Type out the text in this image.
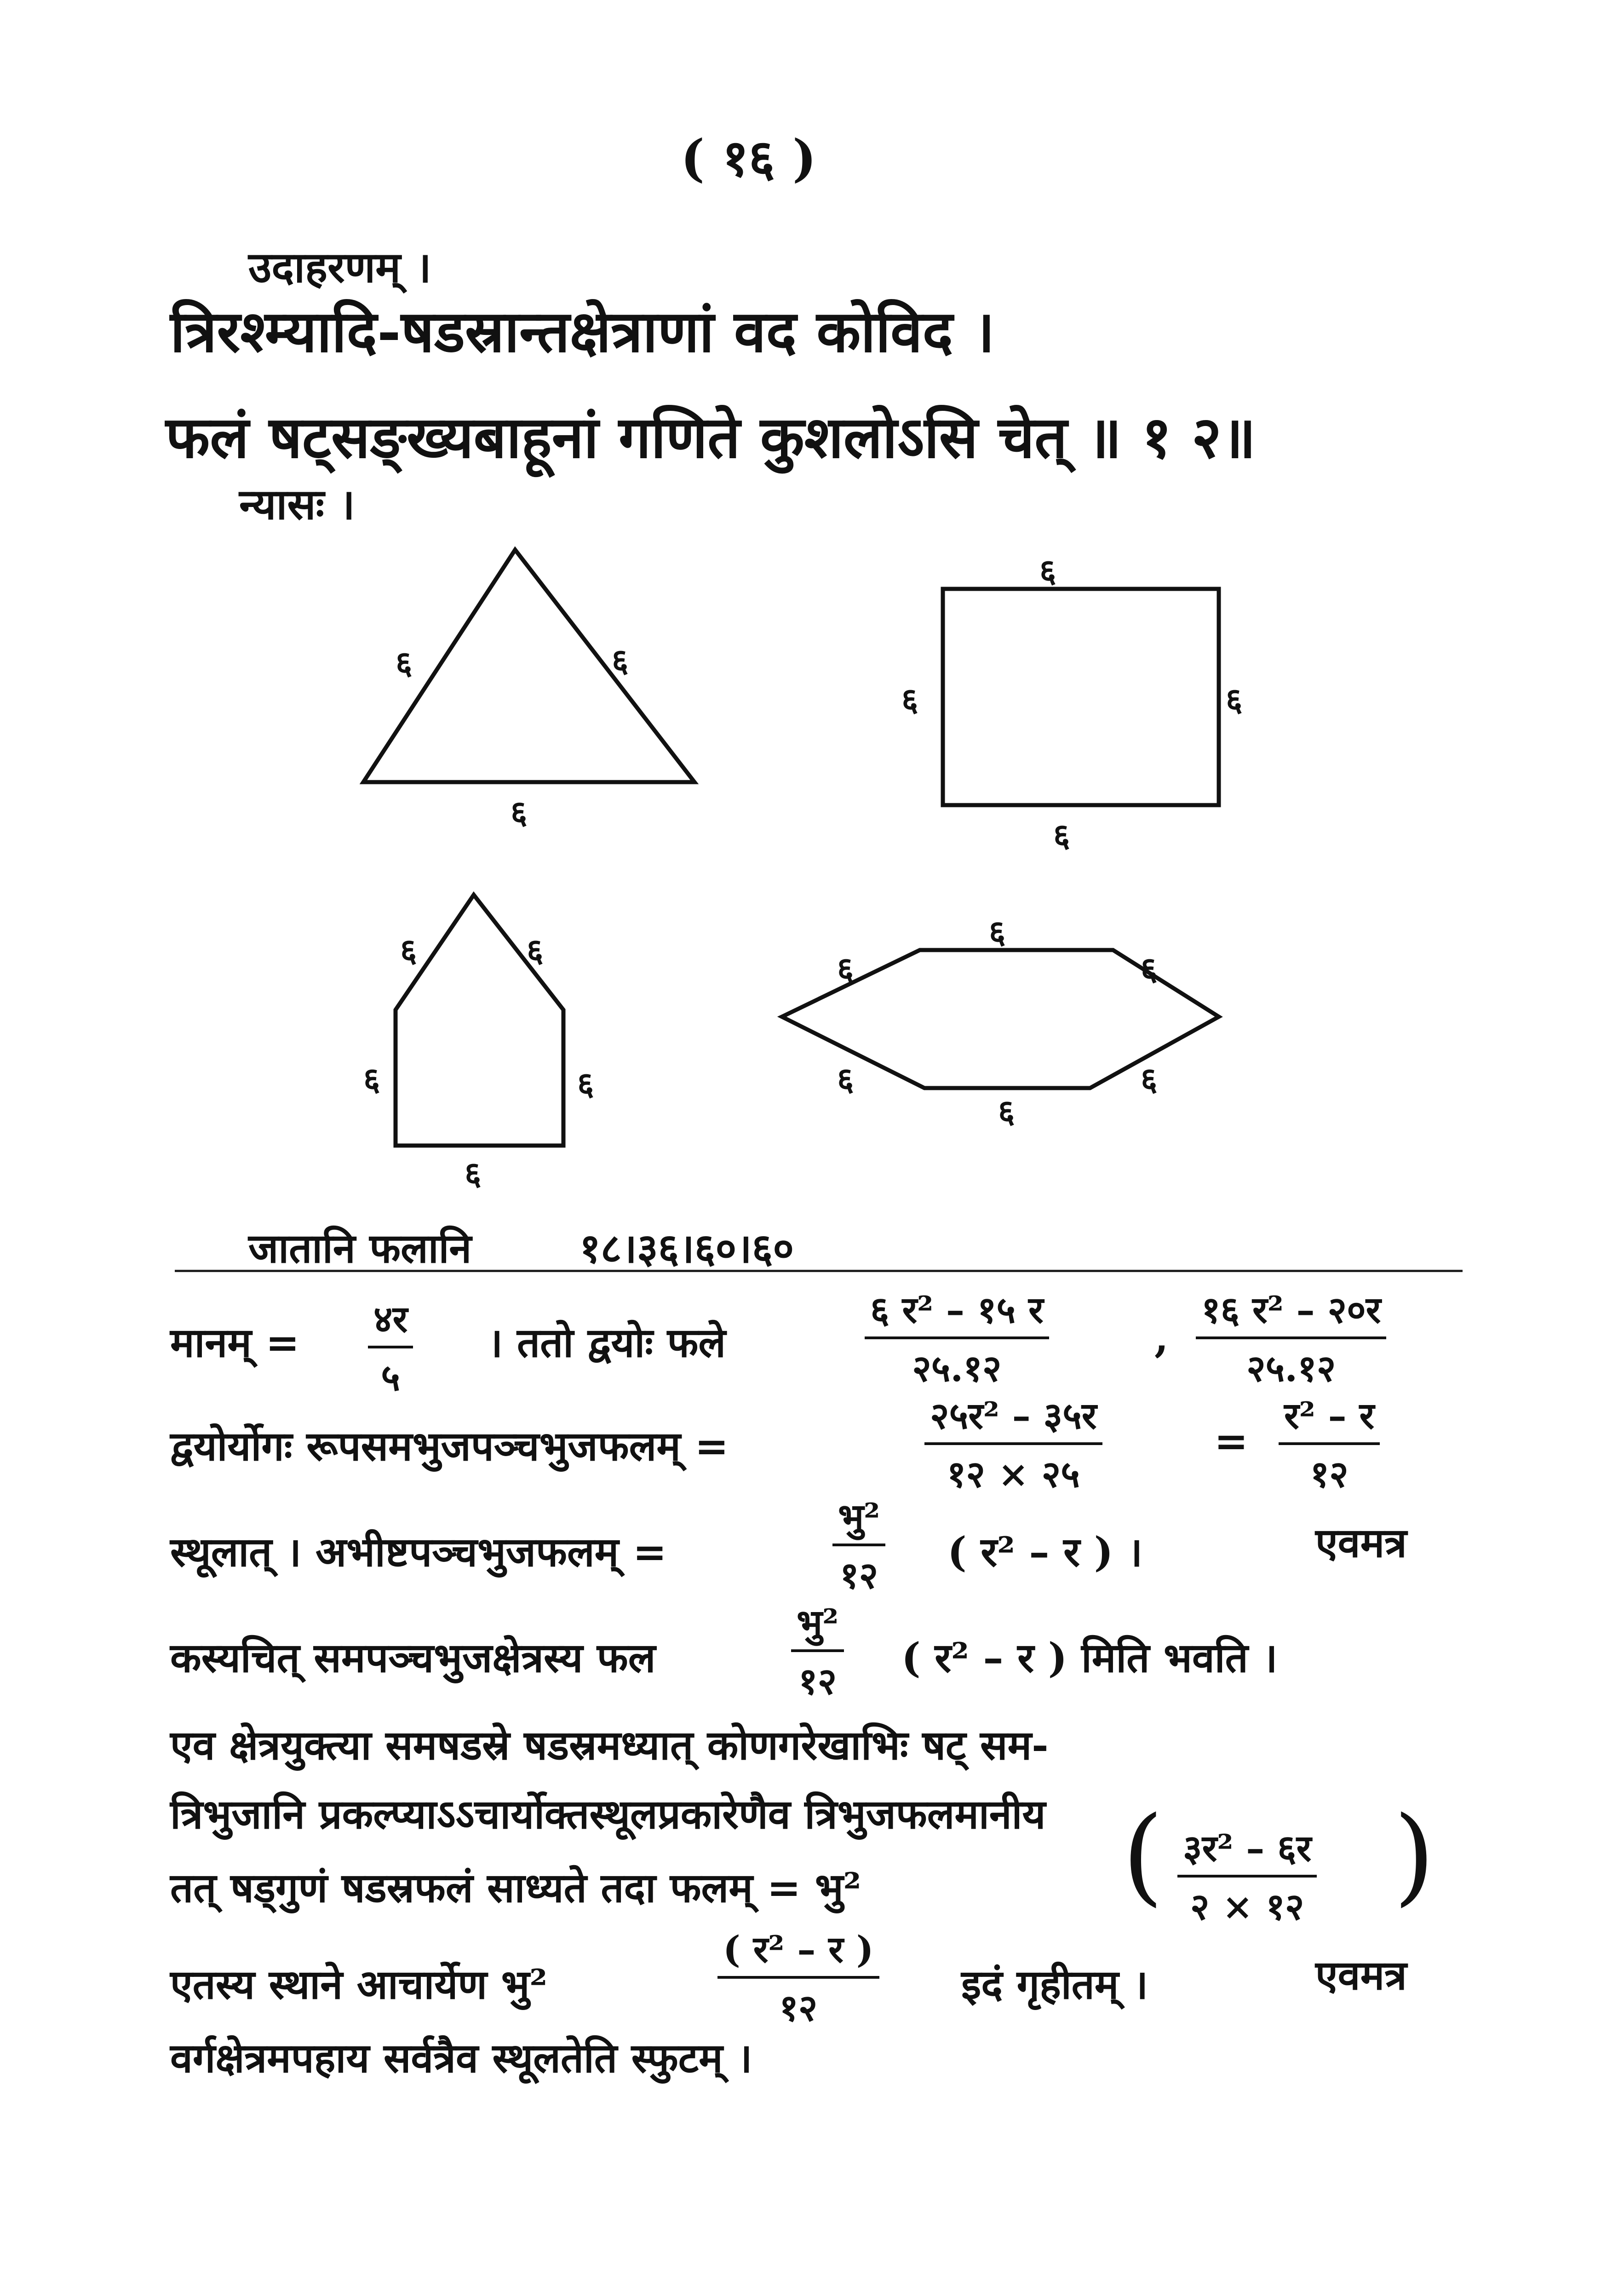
( १६ )
उदाहरणम् ।
त्रिरश्म्यादि-षडस्रान्तक्षेत्राणां वद कोविद ।
फलं षट्सङ्ख्यबाहूनां गणिते कुशलोऽसि चेत् ॥ १ २॥
न्यासः ।
६	६
६
६
६	६
६
६	६
६	६
६
६
६	६
६	६
६
जातानि फलानि	१८।३६।६०।६०
मानम् = ४र
५
। ततो द्वयोः फले
६ र² – १५ र
२५.१२
,
१६ र² – २०र
२५.१२
द्वयोर्योगः रूपसमभुजपञ्चभुजफलम् =
२५र² – ३५र
१२ × २५
=
र² – र
१२
स्थूलात् । अभीष्टपञ्चभुजफलम् =
भु²
१२ ( र² – र ) ।	एवमत्र
कस्यचित् समपञ्चभुजक्षेत्रस्य फल
भु²
१२ ( र² – र ) मिति भवति ।
एव क्षेत्रयुक्त्या समषडस्रे षडस्रमध्यात् कोणगरेखाभिः षट् सम-
त्रिभुजानि प्रकल्प्याऽऽचार्योक्तस्थूलप्रकारेणैव त्रिभुजफलमानीय
तत् षड्गुणं षडस्रफलं साध्यते तदा फलम् = भु² ( ३र² – ६र
२ × १२ )
एतस्य स्थाने आचार्येण भु²
( र² – र )
१२	इदं गृहीतम् ।	एवमत्र
वर्गक्षेत्रमपहाय सर्वत्रैव स्थूलतेति स्फुटम् ।
